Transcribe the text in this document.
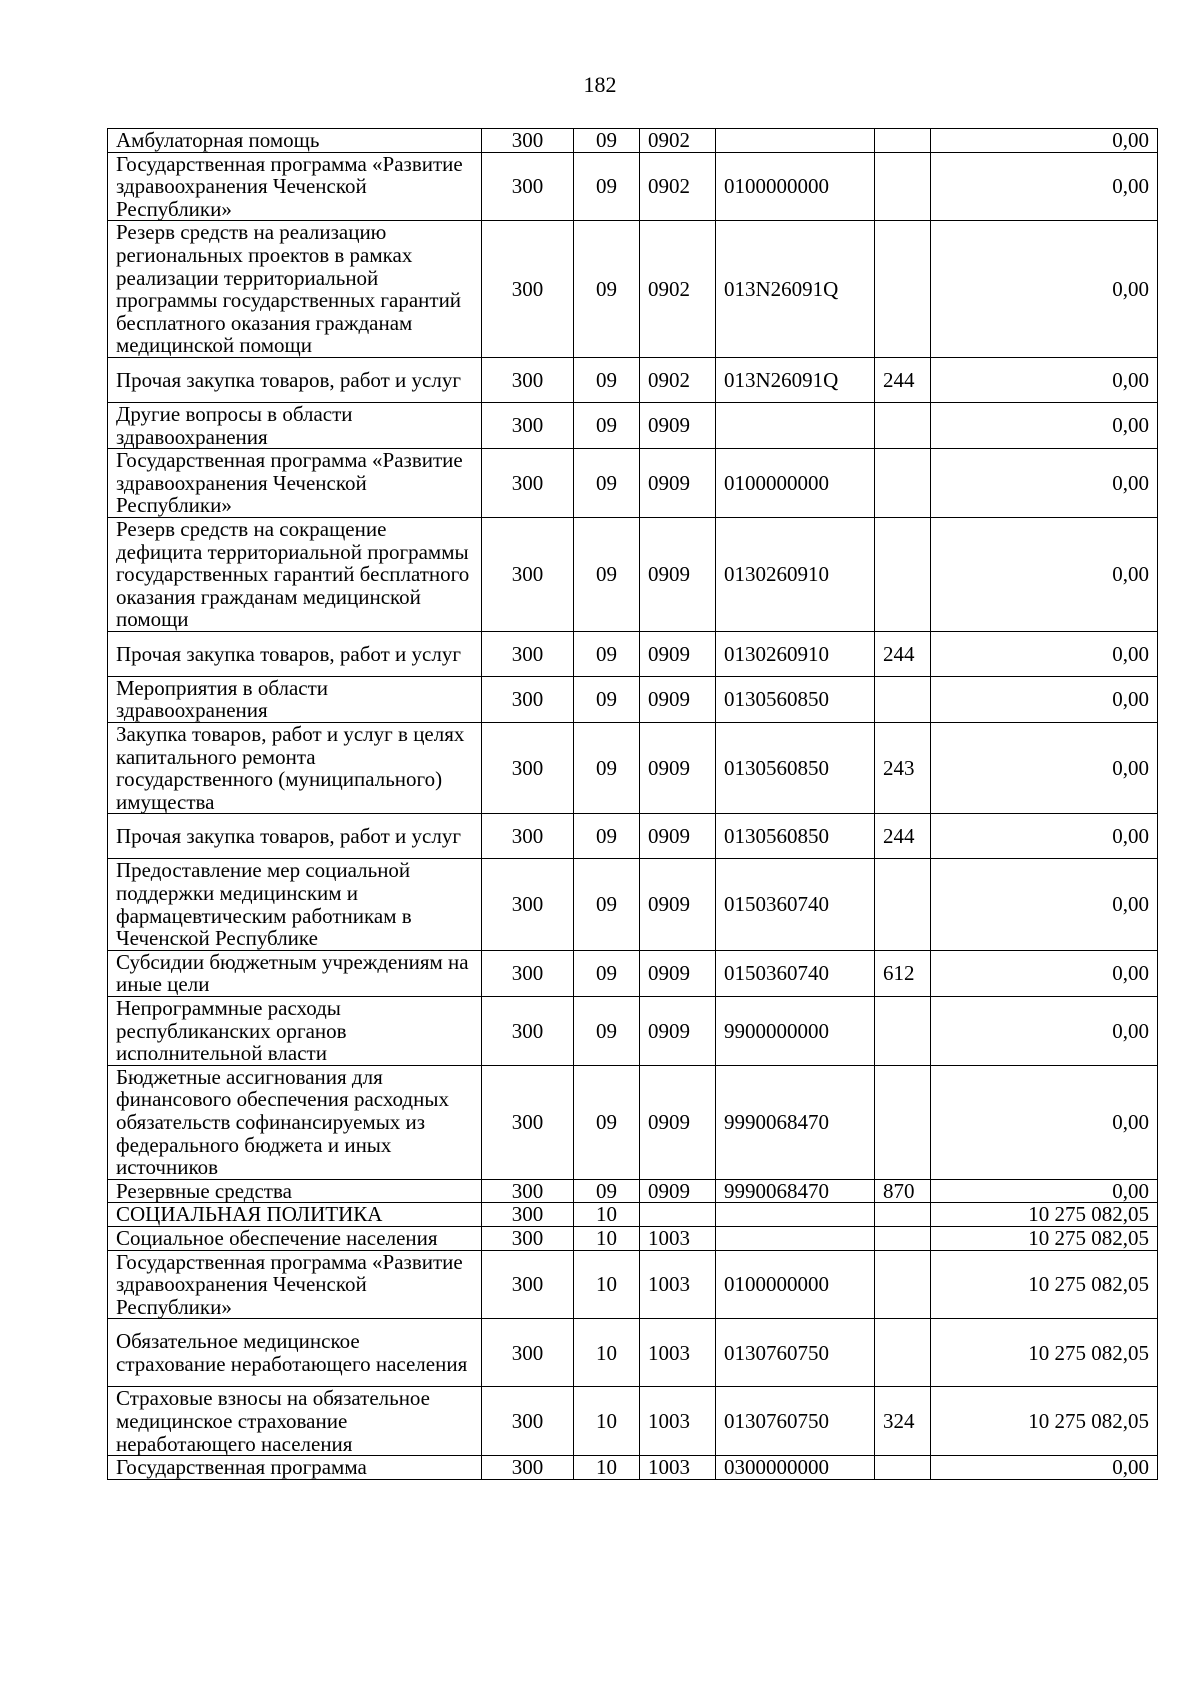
182
Амбулаторная помощь	300	09	0902			0,00
Государственная программа «Развитие здравоохранения Чеченской Республики»	300	09	0902	0100000000		0,00
Резерв средств на реализацию региональных проектов в рамках реализации территориальной программы государственных гарантий бесплатного оказания гражданам медицинской помощи	300	09	0902	013N26091Q		0,00
Прочая закупка товаров, работ и услуг	300	09	0902	013N26091Q	244	0,00
Другие вопросы в области здравоохранения	300	09	0909			0,00
Государственная программа «Развитие здравоохранения Чеченской Республики»	300	09	0909	0100000000		0,00
Резерв средств на сокращение дефицита территориальной программы государственных гарантий бесплатного оказания гражданам медицинской помощи	300	09	0909	0130260910		0,00
Прочая закупка товаров, работ и услуг	300	09	0909	0130260910	244	0,00
Мероприятия в области здравоохранения	300	09	0909	0130560850		0,00
Закупка товаров, работ и услуг в целях капитального ремонта государственного (муниципального) имущества	300	09	0909	0130560850	243	0,00
Прочая закупка товаров, работ и услуг	300	09	0909	0130560850	244	0,00
Предоставление мер социальной поддержки медицинским и фармацевтическим работникам в Чеченской Республике	300	09	0909	0150360740		0,00
Субсидии бюджетным учреждениям на иные цели	300	09	0909	0150360740	612	0,00
Непрограммные расходы республиканских органов исполнительной власти	300	09	0909	9900000000		0,00
Бюджетные ассигнования для финансового обеспечения расходных обязательств софинансируемых из федерального бюджета и иных источников	300	09	0909	9990068470		0,00
Резервные средства	300	09	0909	9990068470	870	0,00
СОЦИАЛЬНАЯ ПОЛИТИКА	300	10				10 275 082,05
Социальное обеспечение населения	300	10	1003			10 275 082,05
Государственная программа «Развитие здравоохранения Чеченской Республики»	300	10	1003	0100000000		10 275 082,05
Обязательное медицинское страхование неработающего населения	300	10	1003	0130760750		10 275 082,05
Страховые взносы на обязательное медицинское страхование неработающего населения	300	10	1003	0130760750	324	10 275 082,05
Государственная программа	300	10	1003	0300000000		0,00
